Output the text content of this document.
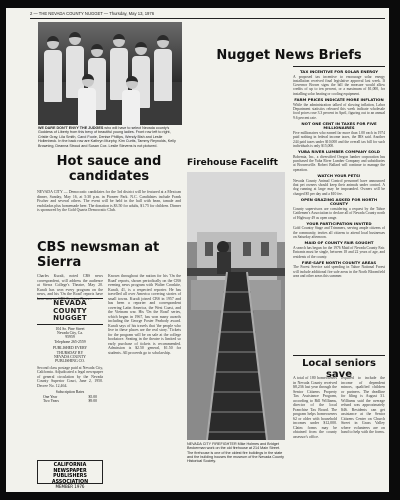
2 — THE NEVADA COUNTY NUGGET — Thursday, May 13, 1976
WE DARE DON'T ENVY THE JUDGES who will have to select Nevada county's Goddess of Liberty from this bevy of beautiful young ladies. Front row left to right, Cristie Gray, Lila Smith, Carol Foote, Denise Phillips, Wendy Bish and Leslie Hollenbeck. In the back row are Kathryn Murphy, Kim Curtis, Tammy Reynolds, Kelly Browning, Deanna Stroud and Susan Cox. Leslie Stevens is not pictured.
Hot sauce and candidates
NEVADA CITY — Democratic candidates for the 3rd district will be featured at a Mexican dinner, Sunday, May 16, at 5:30 p.m. in Pioneer Park. N.C. Candidates include Frank Fischer and several others. The event will be held in the hall with bean, tamale and enchiladas plus homemade beer. The donation is $3.50 for adults, $1.75 for children. Dinner is sponsored by the Gold Quartz Democratic Club.
CBS newsman at Sierra
Charles Kuralt, noted CBS news correspondent, will address the audience at Sierra College's Theatre, May 20. Kuralt has won every program on the news, and his 'On the Road' reports have been seen on CBS Evening News...
Known throughout the nation for his 'On the Road' reports, shown periodically on the CBS evening news program with Walter Cronkite, Kuralt, 41, is a respected reporter. He has travelled all over America covering stories of small towns. Kuralt joined CBS in 1957 and has been a reporter and correspondent covering Latin America, the West Coast, and the Vietnam war. His 'On the Road' series, which began in 1967, has won many awards including the George Foster Peabody award. Kuralt says of his travels that 'the people who live in these places are the real story.' Tickets for the program will be on sale at the college bookstore. Seating in the theatre is limited so early purchase of tickets is recommended. Admission is $2.50 general, $1.50 for students. All proceeds go to scholarship.
NEVADA COUNTY
NUGGET
104 So. Pine Street
Nevada City, Ca.
95959
Telephone 265-2559
PUBLISHED EVERY
THURSDAY BY
NEVADA COUNTY
PUBLISHING CO.
Second class postage paid at Nevada City, California. Adjudicated a legal newspaper of general circulation by the Nevada County Superior Court, June 2, 1950. Decree No. 12,464.
Subscription Rates
One Year	$5.00
Two Years	$9.00
CALIFORNIA NEWSPAPER PUBLISHERS ASSOCIATION
MEMBER 1976
Firehouse Facelift
NEVADA CITY FIREFIGHTER Mike Holmes and Bridget Beckerman work on the old firehouse at 214 Main Street. The firehouse is one of the oldest fire buildings in the state and the building houses the museum of the Nevada County Historical Society.
Nugget News Briefs
TAX INCENTIVE FOR SOLAR ENERGY
A proposed tax incentive to encourage solar energy installation received final legislative approval last week. If Governor Brown signs the bill the measure would allow credits of up to ten percent, or a maximum of $1,000, for installing solar heating or cooling equipment.
FARM PRICES INDICATE MORE INFLATION
While the administration talked of slowing inflation, Labor Department statistics released this week indicate wholesale food prices rose 3.3 percent in April, figuring out to an annual 9.6 percent rate.
NOT ONE CENT IN TAXES FOR FIVE MILLIONAIRES
Five millionaires who earned far more than 1.00 each in 1974 paid nothing in federal income taxes, the IRS said. Another 244 paid taxes under $10,000 and the overall tax bill for such individuals is only $15,000.
YUBA RIVER LUMBER COMPANY SOLD
Bohemia, Inc., a diversified Oregon lumber corporation has purchased the Yuba River Lumber Company and subsidiaries at Brownsville. Robert Ballard will continue to manage the operation.
WATCH YOUR PETS!
Nevada County Animal Control personnel have announced that pet owners should keep their animals under control. A dog running at large may be impounded. Owners will be charged $5 per day and a $10 fee.
OPEN GRAZING ASKED FOR NORTH COUNTY
County supervisors are considering a request by the Tahoe Cattlemen's Association to declare all of Nevada County north of Highway 49 as open range.
YOUR PARTICIPATION INVITED
Gold Country Stage and Trimmers, serving ample citizens of the community, invites all citizens to attend local businesses on Saturday afternoon.
MAID OF COUNTY FAIR SOUGHT
A search has begun for the 1976 Maid of Nevada County Fair. Entrants must be single, between 18 and 22 years of age, and residents of the county.
FIRE-SAFE NORTH COUNTY AREAS
The Forest Service said spending in Tahoe National Forest will include additional fire safe areas in the North Bloomfield area and other areas this summer.
Local seniors save
A total of 180 homeowners in Nevada County received $8,236 last year through the Senior Citizens Property Tax Assistance Program, according to Bill Williams, director of the local Franchise Tax Board. The program helps homeowners 62 or older with household incomes under $12,000. Claim forms may be obtained from the county assessor's office.
required to include the income of dependent minors, qualified children or partners. The deadline for filing is August 31. Williams said the average refund was approximately $46. Residents can get assistance at the Senior Citizens Center on Church Street in Grass Valley where volunteers are on hand to help with the forms.
